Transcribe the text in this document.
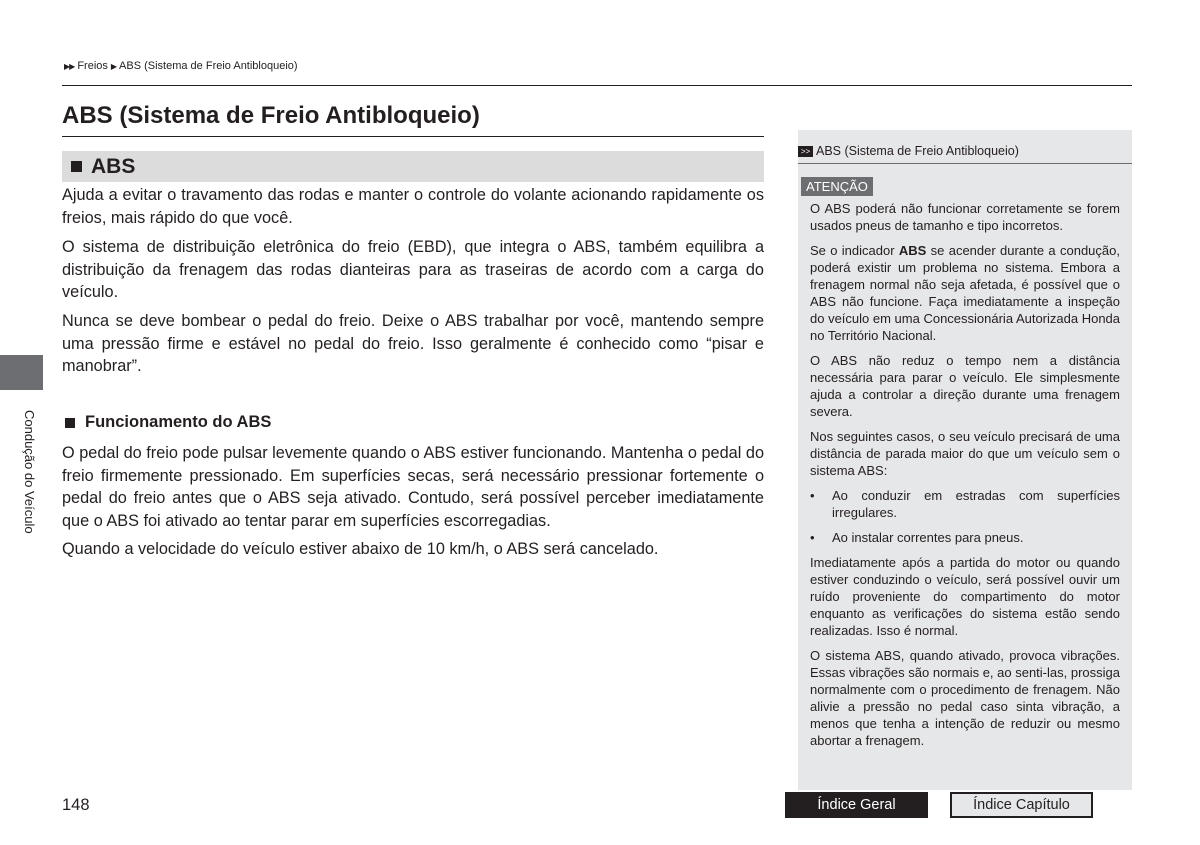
▶▶ Freios ▶ ABS (Sistema de Freio Antibloqueio)
ABS (Sistema de Freio Antibloqueio)
ABS

Ajuda a evitar o travamento das rodas e manter o controle do volante acionando rapidamente os freios, mais rápido do que você.

O sistema de distribuição eletrônica do freio (EBD), que integra o ABS, também equilibra a distribuição da frenagem das rodas dianteiras para as traseiras de acordo com a carga do veículo.

Nunca se deve bombear o pedal do freio. Deixe o ABS trabalhar por você, mantendo sempre uma pressão firme e estável no pedal do freio. Isso geralmente é conhecido como “pisar e manobrar”.

Funcionamento do ABS

O pedal do freio pode pulsar levemente quando o ABS estiver funcionando. Mantenha o pedal do freio firmemente pressionado. Em superfícies secas, será necessário pressionar fortemente o pedal do freio antes que o ABS seja ativado. Contudo, será possível perceber imediatamente que o ABS foi ativado ao tentar parar em superfícies escorregadias.

Quando a velocidade do veículo estiver abaixo de 10 km/h, o ABS será cancelado.

Condução do Veículo
>> ABS (Sistema de Freio Antibloqueio)
ATENÇÃO

O ABS poderá não funcionar corretamente se forem usados pneus de tamanho e tipo incorretos.

Se o indicador ABS se acender durante a condução, poderá existir um problema no sistema. Embora a frenagem normal não seja afetada, é possível que o ABS não funcione. Faça imediatamente a inspeção do veículo em uma Concessionária Autorizada Honda no Território Nacional.

O ABS não reduz o tempo nem a distância necessária para parar o veículo. Ele simplesmente ajuda a controlar a direção durante uma frenagem severa.

Nos seguintes casos, o seu veículo precisará de uma distância de parada maior do que um veículo sem o sistema ABS:

•	Ao conduzir em estradas com superfícies irregulares.
•	Ao instalar correntes para pneus.

Imediatamente após a partida do motor ou quando estiver conduzindo o veículo, será possível ouvir um ruído proveniente do compartimento do motor enquanto as verificações do sistema estão sendo realizadas. Isso é normal.

O sistema ABS, quando ativado, provoca vibrações. Essas vibrações são normais e, ao senti-las, prossiga normalmente com o procedimento de frenagem. Não alivie a pressão no pedal caso sinta vibração, a menos que tenha a intenção de reduzir ou mesmo abortar a frenagem.

148	Índice Geral	Índice Capítulo
